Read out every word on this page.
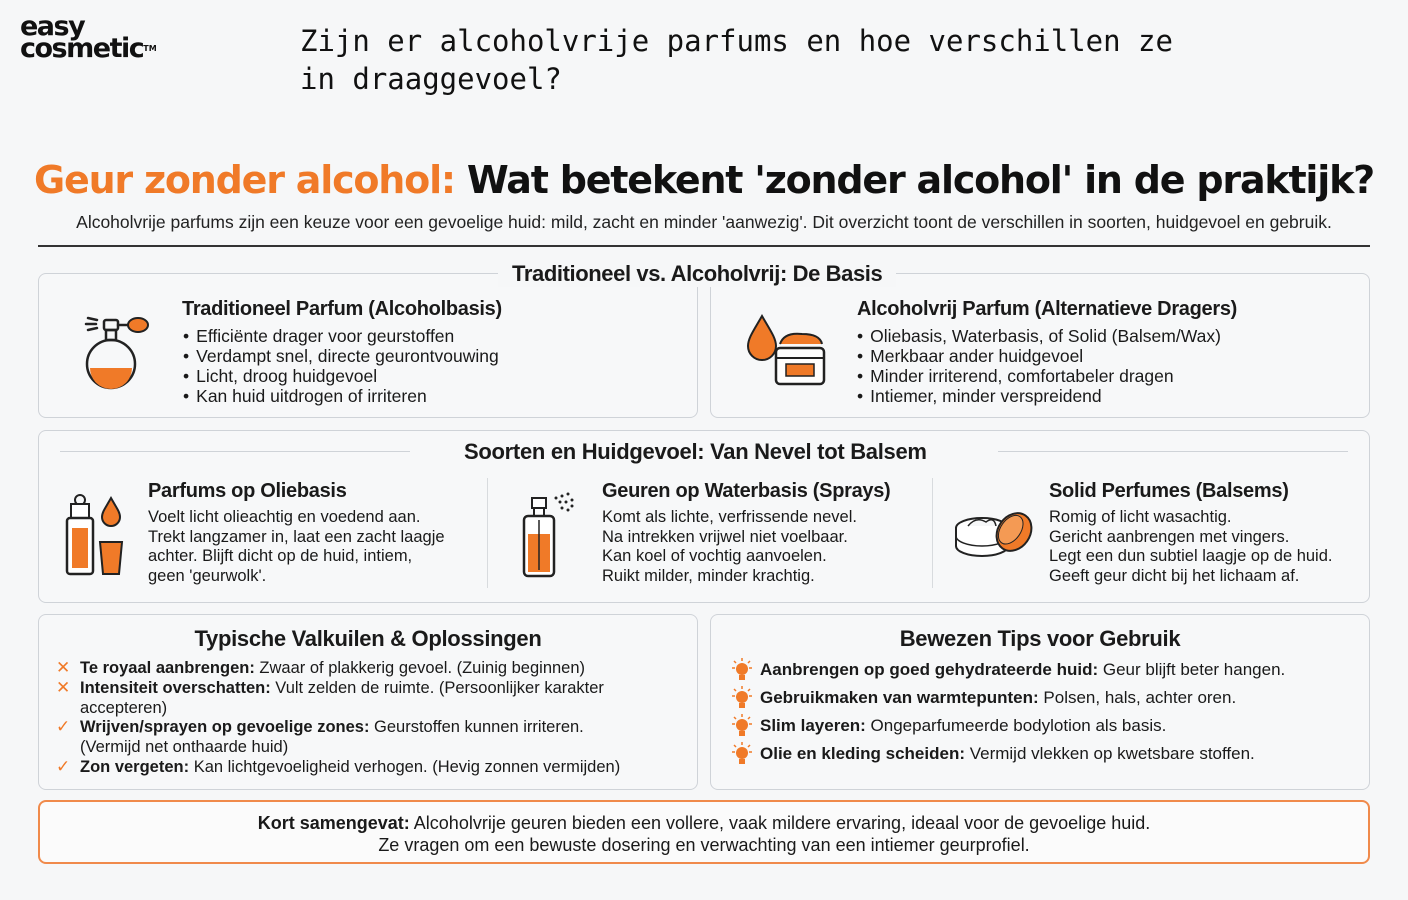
easy
cosmetic™	Zijn er alcoholvrije parfums en hoe verschillen ze in draaggevoel?
Geur zonder alcohol: Wat betekent 'zonder alcohol' in de praktijk?
Alcoholvrije parfums zijn een keuze voor een gevoelige huid: mild, zacht en minder 'aanwezig'. Dit overzicht toont de verschillen in soorten, huidgevoel en gebruik.
Traditioneel vs. Alcoholvrij: De Basis
Traditioneel Parfum (Alcoholbasis)
• Efficiënte drager voor geurstoffen
• Verdampt snel, directe geurontvouwing
• Licht, droog huidgevoel
• Kan huid uitdrogen of irriteren
Alcoholvrij Parfum (Alternatieve Dragers)
• Oliebasis, Waterbasis, of Solid (Balsem/Wax)
• Merkbaar ander huidgevoel
• Minder irriterend, comfortabeler dragen
• Intiemer, minder verspreidend
Soorten en Huidgevoel: Van Nevel tot Balsem
Parfums op Oliebasis
Voelt licht olieachtig en voedend aan.
Trekt langzamer in, laat een zacht laagje
achter. Blijft dicht op de huid, intiem,
geen 'geurwolk'.
Geuren op Waterbasis (Sprays)
Komt als lichte, verfrissende nevel.
Na intrekken vrijwel niet voelbaar.
Kan koel of vochtig aanvoelen.
Ruikt milder, minder krachtig.
Solid Perfumes (Balsems)
Romig of licht wasachtig.
Gericht aanbrengen met vingers.
Legt een dun subtiel laagje op de huid.
Geeft geur dicht bij het lichaam af.
Typische Valkuilen & Oplossingen
✕ Te royaal aanbrengen: Zwaar of plakkerig gevoel. (Zuinig beginnen)
✕ Intensiteit overschatten: Vult zelden de ruimte. (Persoonlijker karakter
accepteren)
✓ Wrijven/sprayen op gevoelige zones: Geurstoffen kunnen irriteren.
(Vermijd net onthaarde huid)
✓ Zon vergeten: Kan lichtgevoeligheid verhogen. (Hevig zonnen vermijden)
Bewezen Tips voor Gebruik
Aanbrengen op goed gehydrateerde huid: Geur blijft beter hangen.
Gebruikmaken van warmtepunten: Polsen, hals, achter oren.
Slim layeren: Ongeparfumeerde bodylotion als basis.
Olie en kleding scheiden: Vermijd vlekken op kwetsbare stoffen.
Kort samengevat: Alcoholvrije geuren bieden een vollere, vaak mildere ervaring, ideaal voor de gevoelige huid.
Ze vragen om een bewuste dosering en verwachting van een intiemer geurprofiel.
